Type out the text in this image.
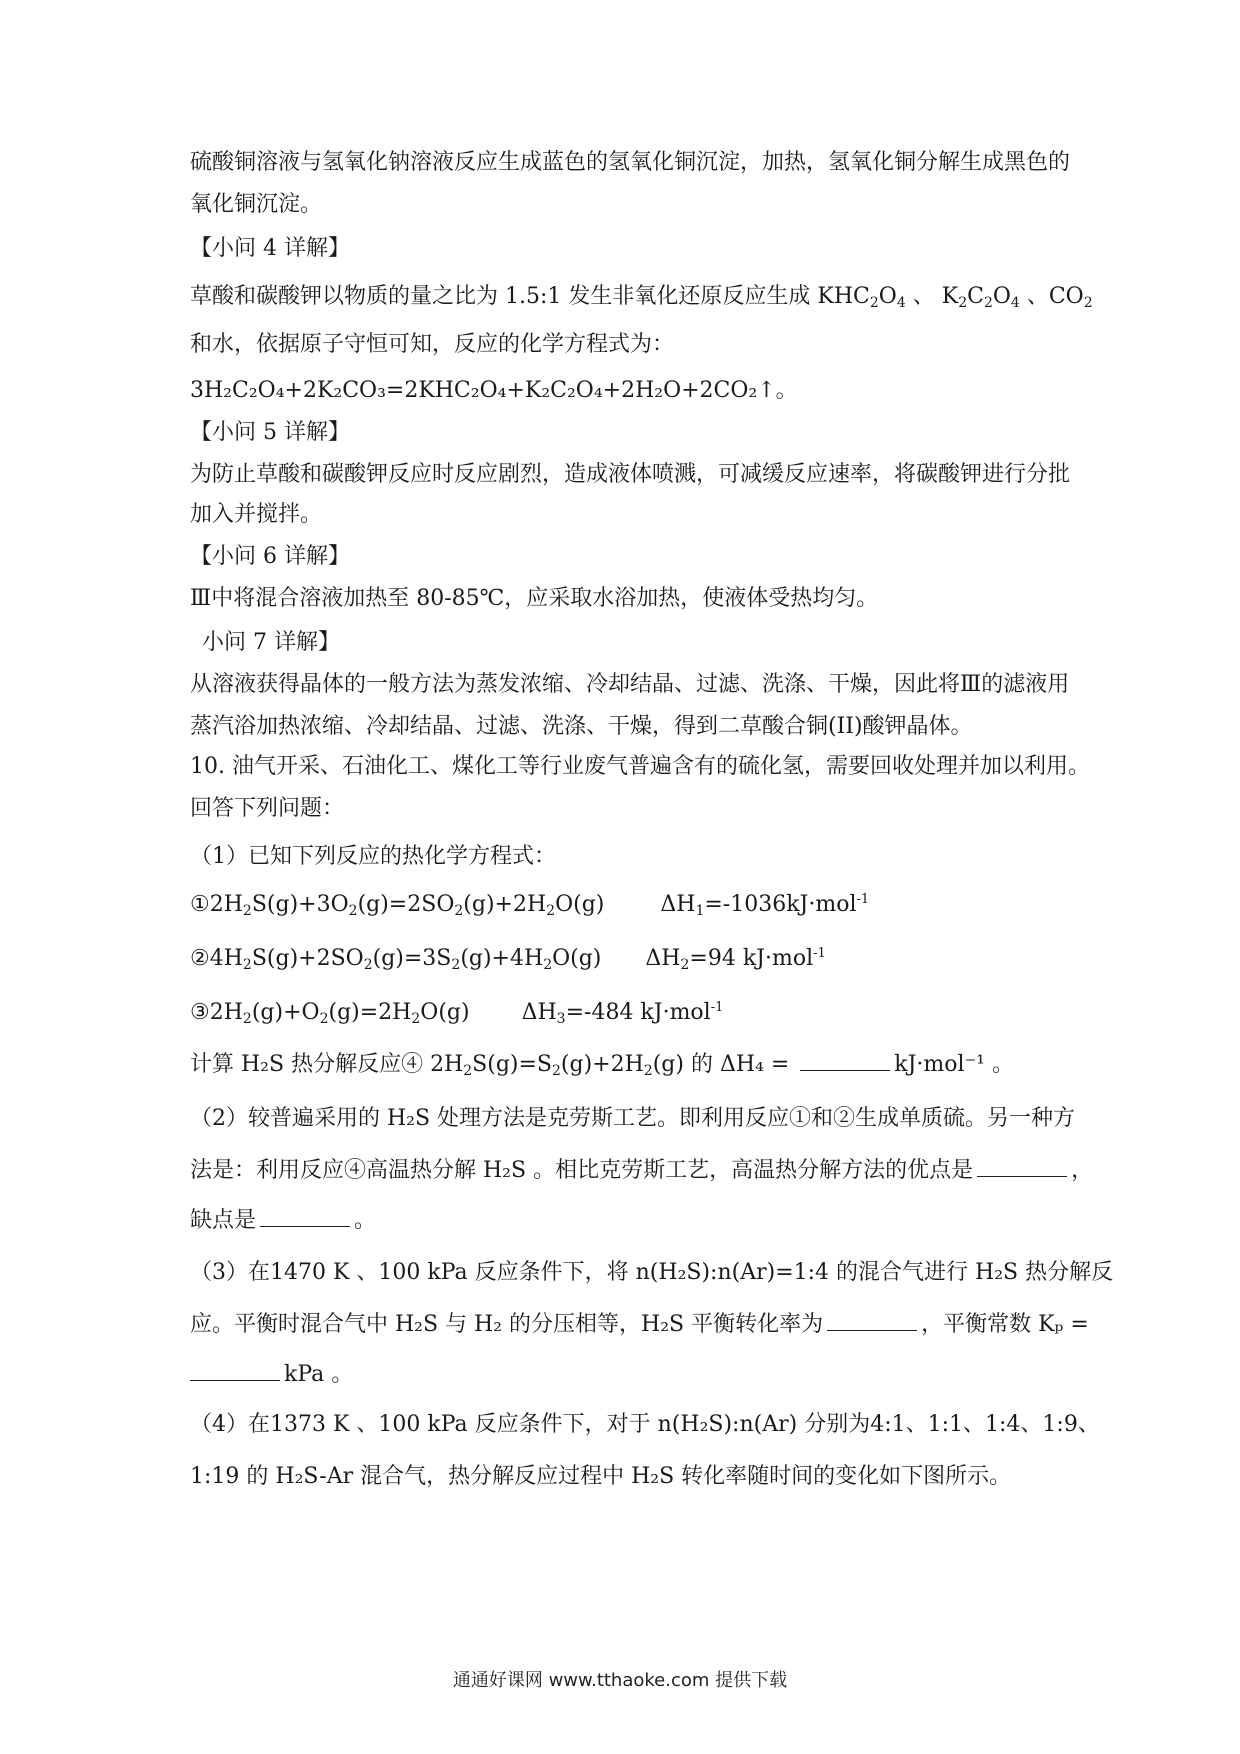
硫酸铜溶液与氢氧化钠溶液反应生成蓝色的氢氧化铜沉淀，加热，氢氧化铜分解生成黑色的
氧化铜沉淀。
【小问 4 详解】
草酸和碳酸钾以物质的量之比为 1.5:1 发生非氧化还原反应生成 $KHC_2O_4$ 、 $K_2C_2O_4$ 、$CO_2$
和水，依据原子守恒可知，反应的化学方程式为：
3H₂C₂O₄+2K₂CO₃=2KHC₂O₄+K₂C₂O₄+2H₂O+2CO₂↑。
【小问 5 详解】
为防止草酸和碳酸钾反应时反应剧烈，造成液体喷溅，可减缓反应速率，将碳酸钾进行分批
加入并搅拌。
【小问 6 详解】
Ⅲ中将混合溶液加热至 80-85℃，应采取水浴加热，使液体受热均匀。
小问 7 详解】
从溶液获得晶体的一般方法为蒸发浓缩、冷却结晶、过滤、洗涤、干燥，因此将Ⅲ的滤液用
蒸汽浴加热浓缩、冷却结晶、过滤、洗涤、干燥，得到二草酸合铜(II)酸钾晶体。
10. 油气开采、石油化工、煤化工等行业废气普遍含有的硫化氢，需要回收处理并加以利用。
回答下列问题：
（1）已知下列反应的热化学方程式：
$①2H_2S(g)+3O_2(g)=2SO_2(g)+2H_2O(g)$	$\Delta H_1=-1036kJ\cdot mol^{-1}$
$②4H_2S(g)+2SO_2(g)=3S_2(g)+4H_2O(g)$ $\Delta H_2=94$ kJ·mol$^{-1}$
$③2H_2(g)+O_2(g)=2H_2O(g)$ $\Delta H_3=-484$ kJ·mol$^{-1}$
计算 H₂S 热分解反应④ $2H_2S(g)=S_2(g)+2H_2(g)$ 的 ΔH₄ =	kJ·mol⁻¹ 。
（2）较普遍采用的 H₂S 处理方法是克劳斯工艺。即利用反应①和②生成单质硫。另一种方
法是：利用反应④高温热分解 H₂S 。相比克劳斯工艺，高温热分解方法的优点是	，
缺点是	。
（3）在1470 K 、100 kPa 反应条件下，将 n(H₂S):n(Ar)=1:4 的混合气进行 H₂S 热分解反
应。平衡时混合气中 H₂S 与 H₂ 的分压相等，H₂S 平衡转化率为	，平衡常数 Kₚ =
kPa 。
（4）在1373 K 、100 kPa 反应条件下，对于 n(H₂S):n(Ar) 分别为4:1、1:1、1:4、1:9、
1:19 的 H₂S-Ar 混合气，热分解反应过程中 H₂S 转化率随时间的变化如下图所示。
通通好课网 www.tthaoke.com 提供下载
